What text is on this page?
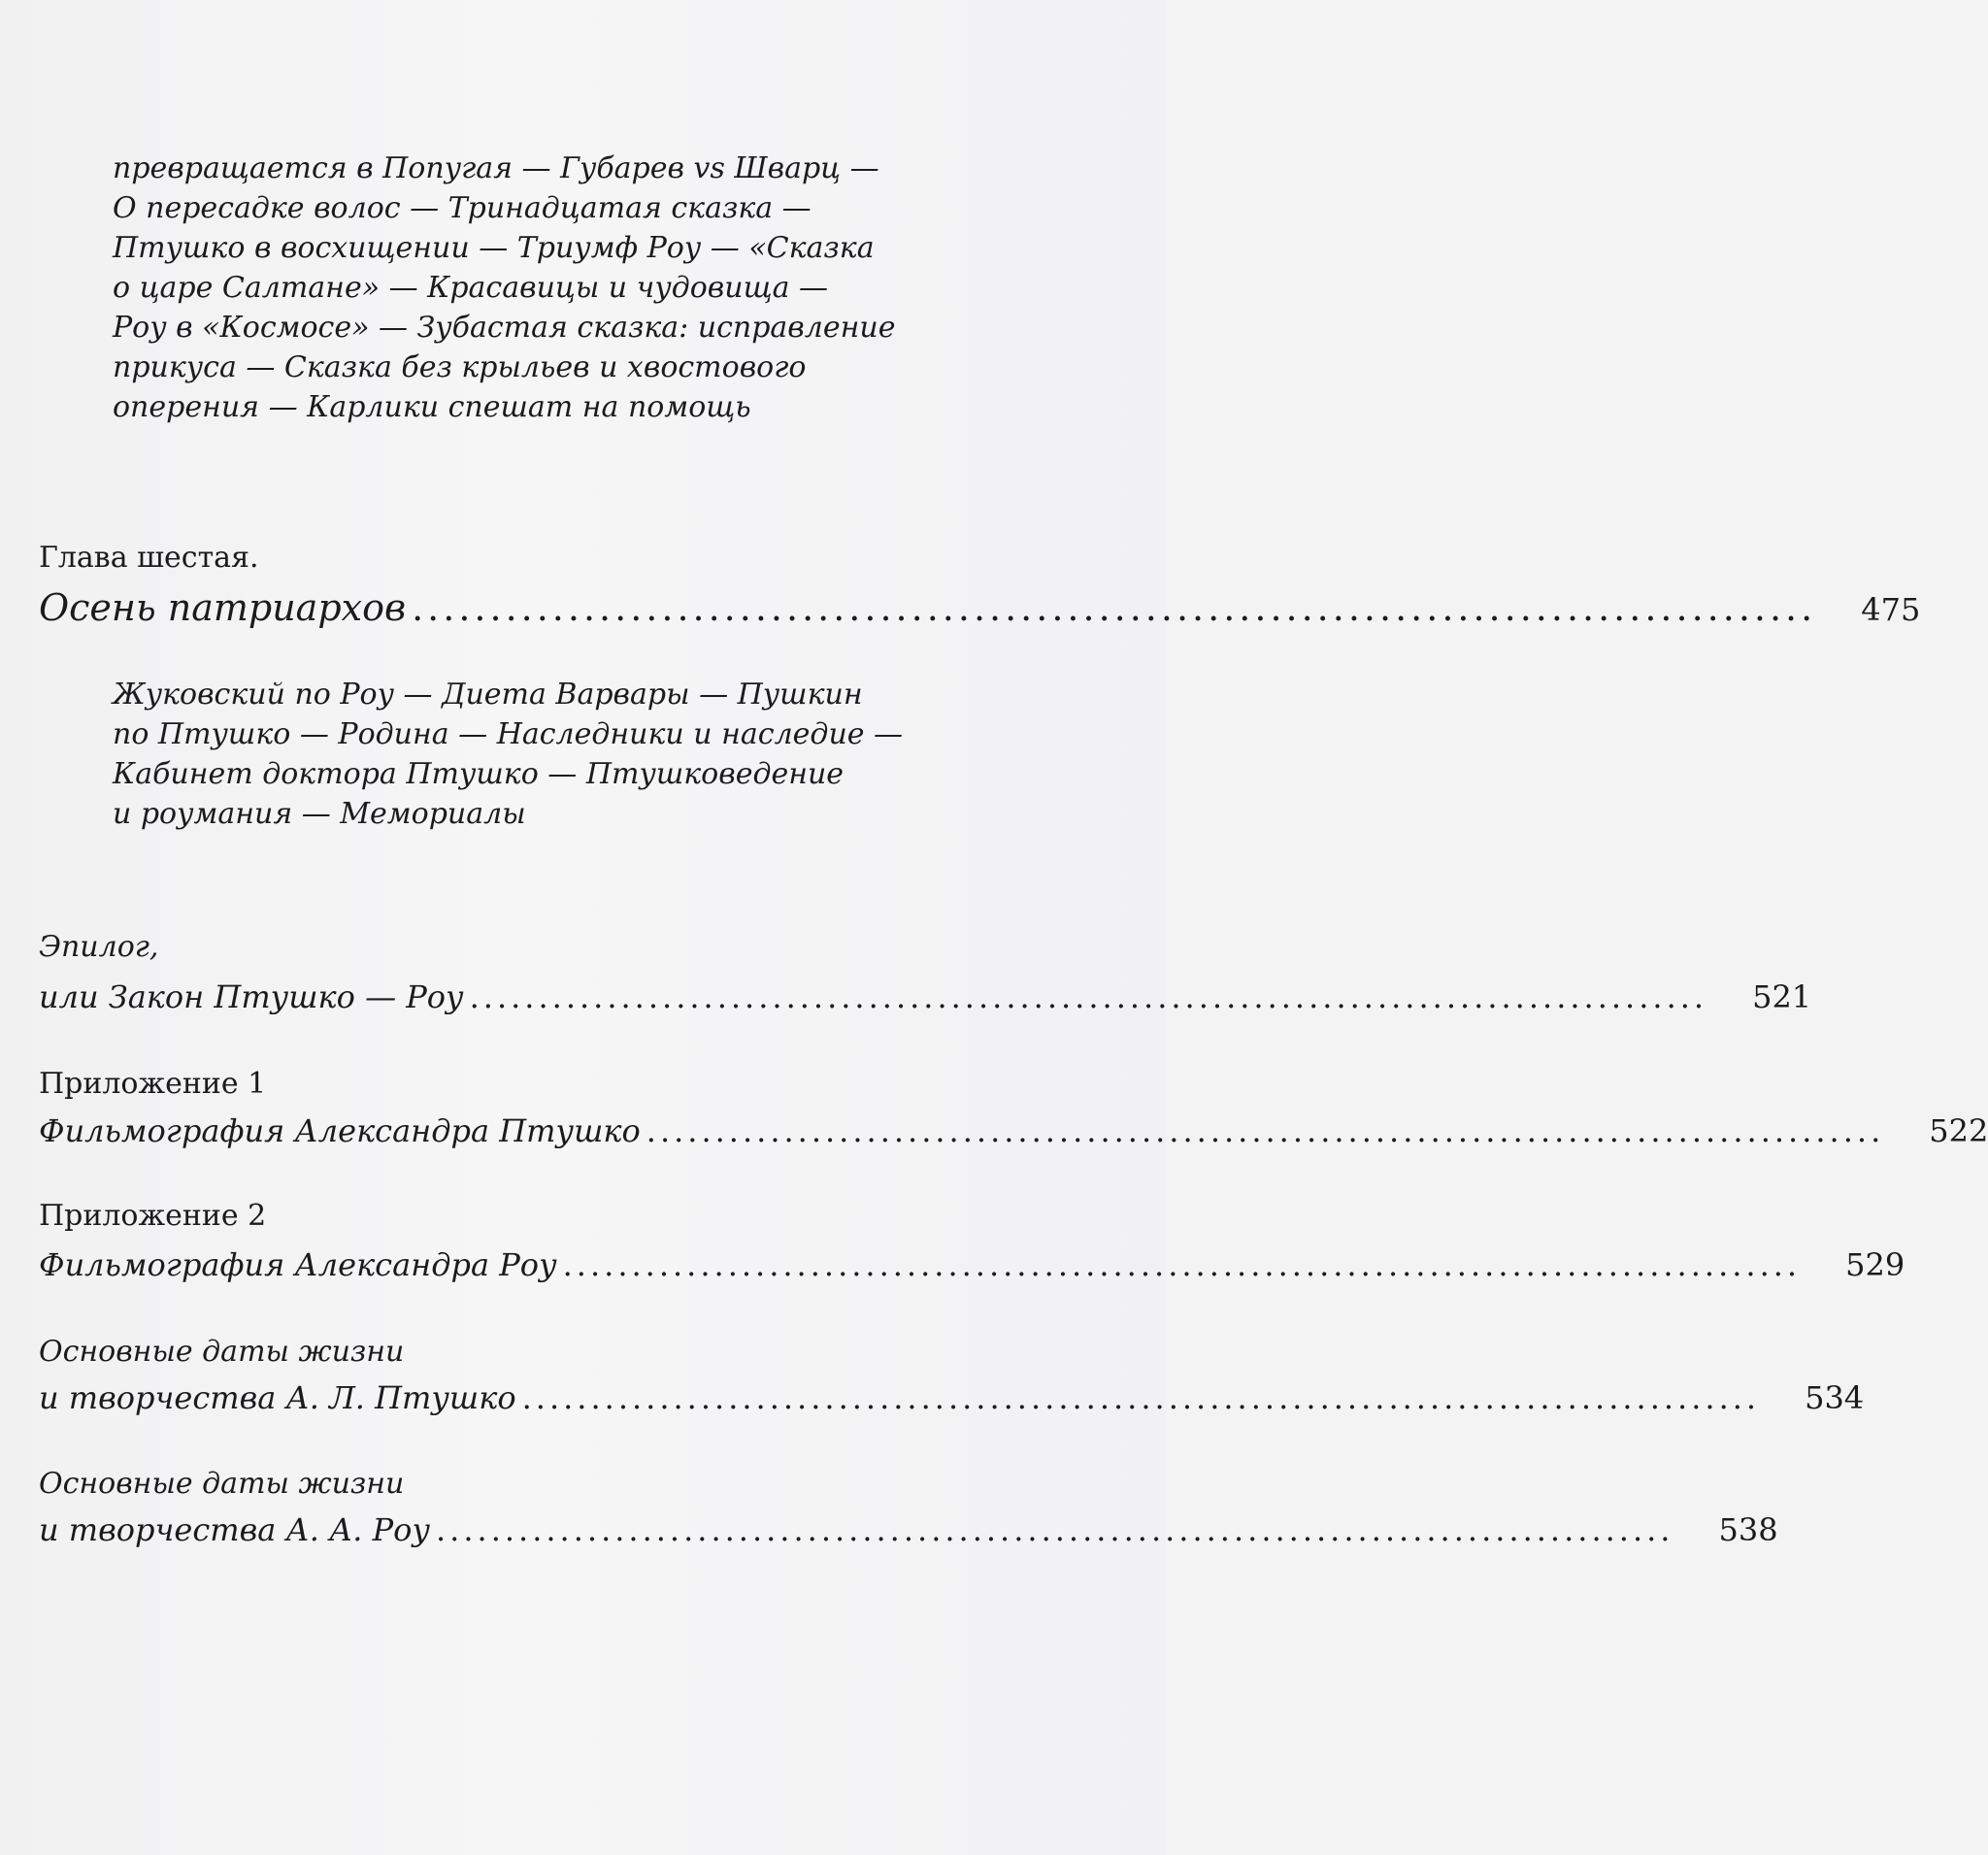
превращается в Попугая — Губарев vs Шварц —
О пересадке волос — Тринадцатая сказка —
Птушко в восхищении — Триумф Роу — «Сказка
о царе Салтане» — Красавицы и чудовища —
Роу в «Космосе» — Зубастая сказка: исправление
прикуса — Сказка без крыльев и хвостового
оперения — Карлики спешат на помощь
Глава шестая.
Осень патриархов .......................................................................................... 475
Жуковский по Роу — Диета Варвары — Пушкин
по Птушко — Родина — Наследники и наследие —
Кабинет доктора Птушко — Птушковедение
и роумания — Мемориалы
Эпилог,
или Закон Птушко — Роу .......................................................................................... 521
Приложение 1
Фильмография Александра Птушко .......................................................................................... 522
Приложение 2
Фильмография Александра Роу .......................................................................................... 529
Основные даты жизни
и творчества А. Л. Птушко .......................................................................................... 534
Основные даты жизни
и творчества А. А. Роу .......................................................................................... 538
